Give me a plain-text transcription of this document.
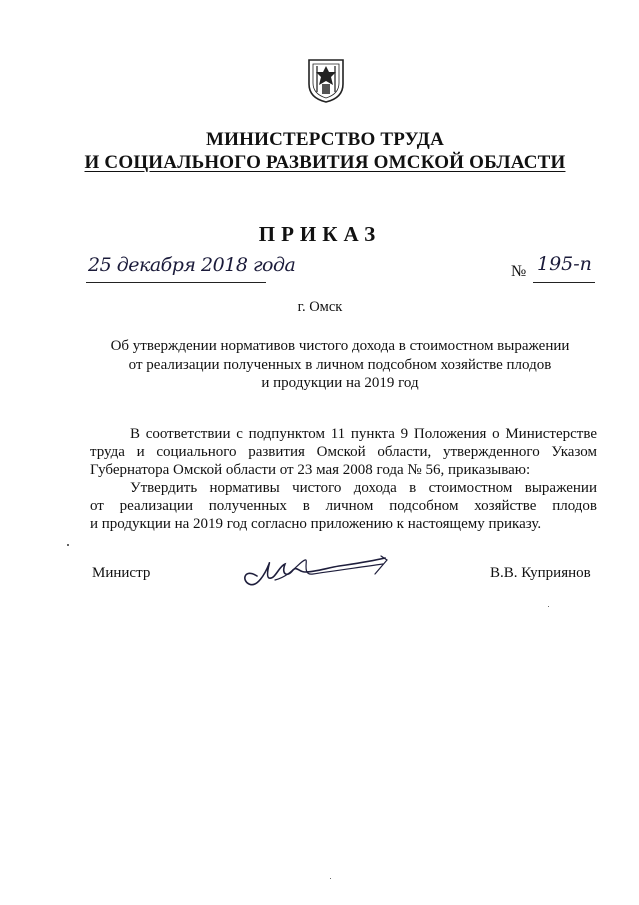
МИНИСТЕРСТВО ТРУДА
И СОЦИАЛЬНОГО РАЗВИТИЯ ОМСКОЙ ОБЛАСТИ
ПРИКАЗ
25 декабря 2018 года	№ 195-п
г. Омск
Об утверждении нормативов чистого дохода в стоимостном выражении
от реализации полученных в личном подсобном хозяйстве плодов
и продукции на 2019 год
В соответствии с подпунктом 11 пункта 9 Положения о Министерстве
труда и социального развития Омской области, утвержденного Указом
Губернатора Омской области от 23 мая 2008 года № 56, приказываю:
Утвердить нормативы чистого дохода в стоимостном выражении
от реализации полученных в личном подсобном хозяйстве плодов
и продукции на 2019 год согласно приложению к настоящему приказу.
Министр	В.В. Куприянов
